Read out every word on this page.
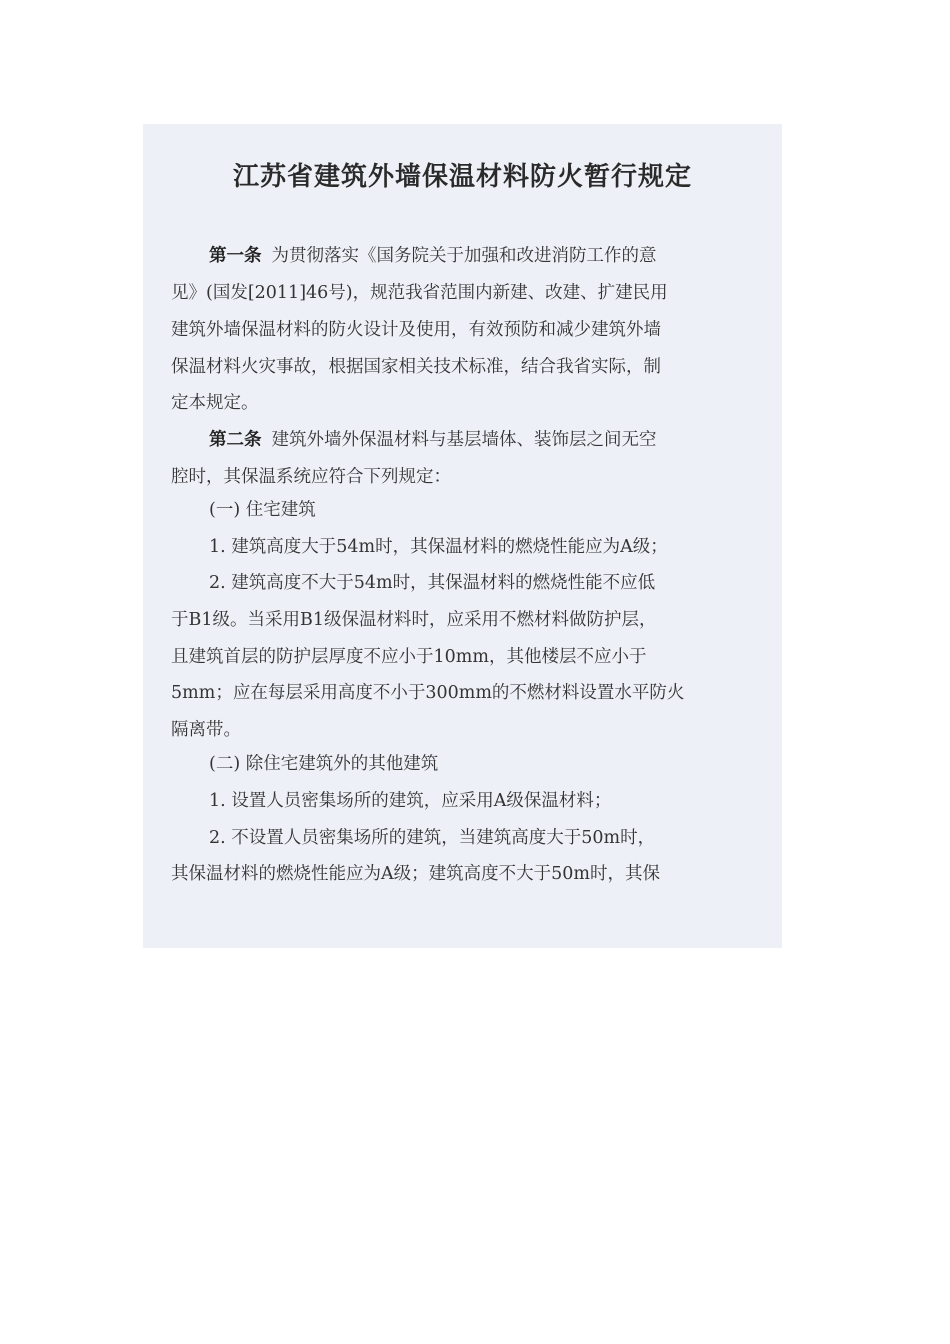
江苏省建筑外墙保温材料防火暂行规定
第一条 为贯彻落实《国务院关于加强和改进消防工作的意
见》(国发[2011]46号)，规范我省范围内新建、改建、扩建民用
建筑外墙保温材料的防火设计及使用，有效预防和减少建筑外墙
保温材料火灾事故，根据国家相关技术标准，结合我省实际，制
定本规定。
第二条 建筑外墙外保温材料与基层墙体、装饰层之间无空
腔时，其保温系统应符合下列规定：
(一) 住宅建筑
1. 建筑高度大于54m时，其保温材料的燃烧性能应为A级；
2. 建筑高度不大于54m时，其保温材料的燃烧性能不应低
于B1级。当采用B1级保温材料时，应采用不燃材料做防护层，
且建筑首层的防护层厚度不应小于10mm，其他楼层不应小于
5mm；应在每层采用高度不小于300mm的不燃材料设置水平防火
隔离带。
(二) 除住宅建筑外的其他建筑
1. 设置人员密集场所的建筑，应采用A级保温材料；
2. 不设置人员密集场所的建筑，当建筑高度大于50m时，
其保温材料的燃烧性能应为A级；建筑高度不大于50m时，其保
